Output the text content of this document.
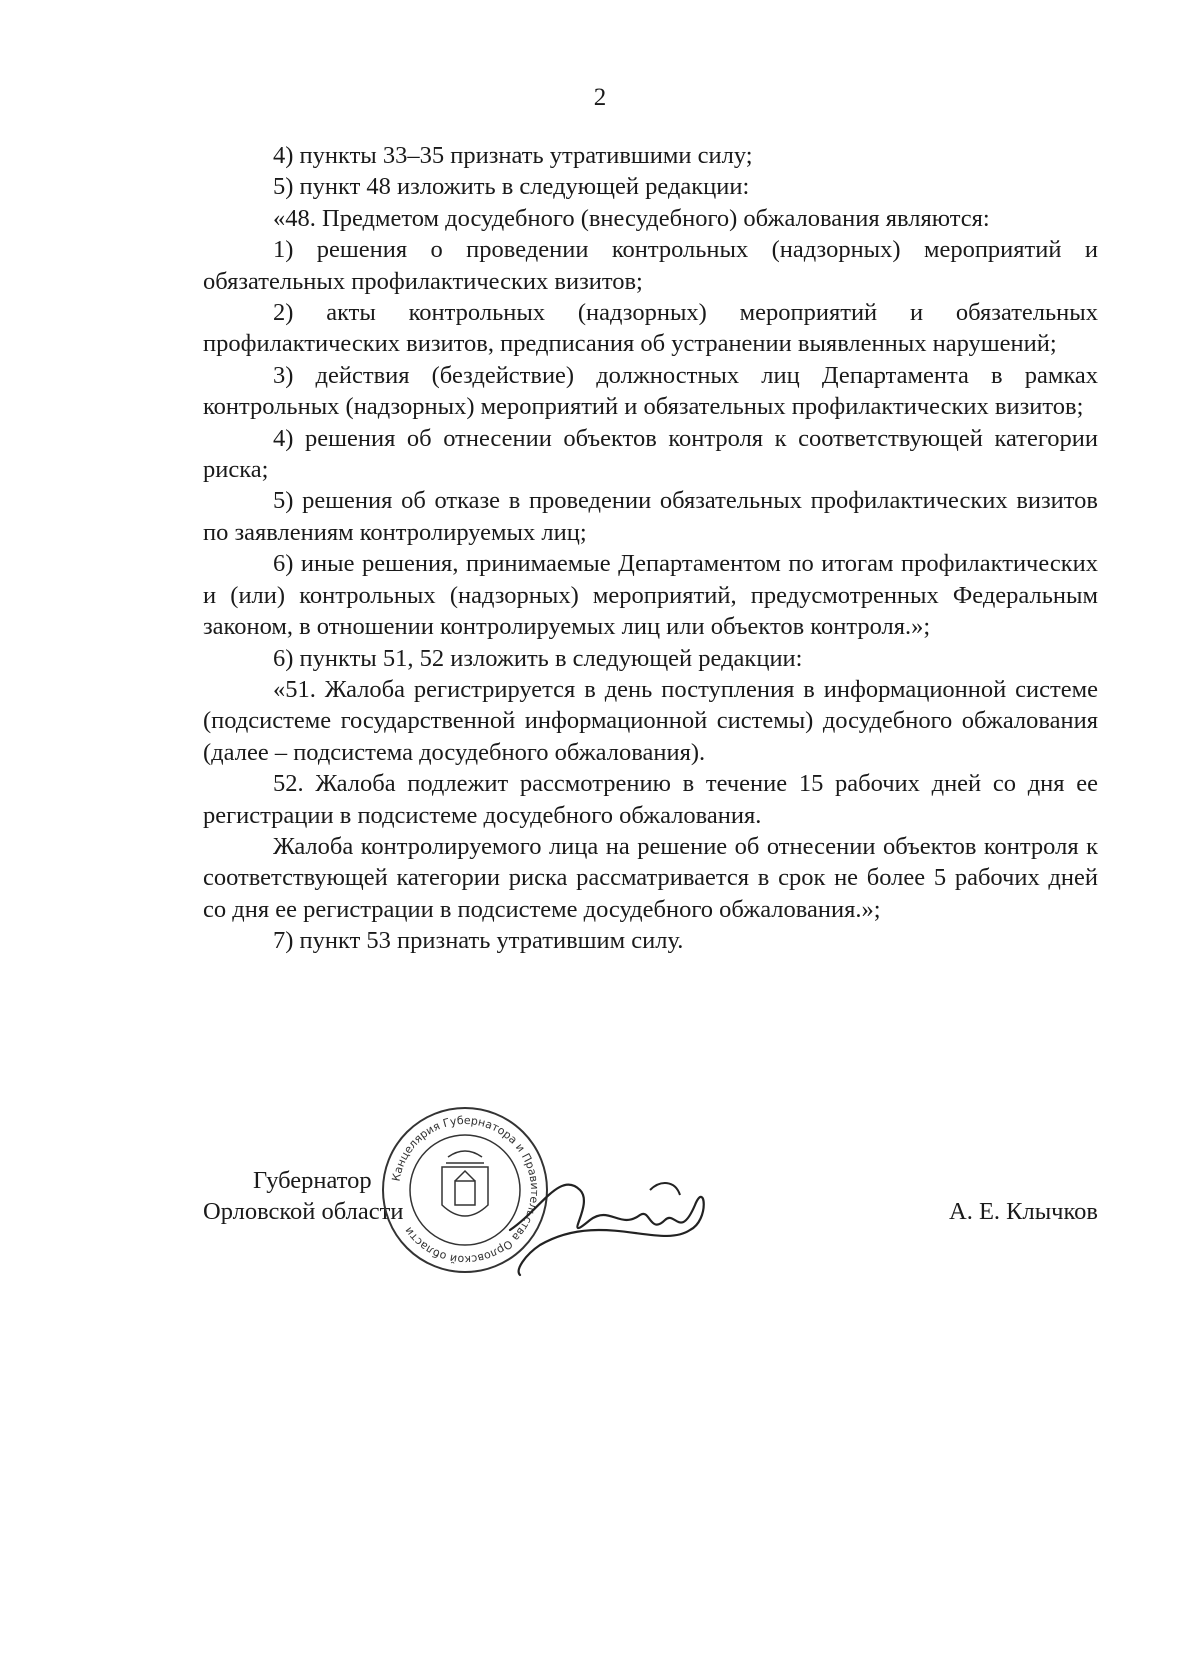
2

4) пункты 33–35 признать утратившими силу;

5) пункт 48 изложить в следующей редакции:

«48. Предметом досудебного (внесудебного) обжалования являются:

1) решения о проведении контрольных (надзорных) мероприятий и обязательных профилактических визитов;

2) акты контрольных (надзорных) мероприятий и обязательных профилактических визитов, предписания об устранении выявленных нарушений;

3) действия (бездействие) должностных лиц Департамента в рамках контрольных (надзорных) мероприятий и обязательных профилактических визитов;

4) решения об отнесении объектов контроля к соответствующей категории риска;

5) решения об отказе в проведении обязательных профилактических визитов по заявлениям контролируемых лиц;

6) иные решения, принимаемые Департаментом по итогам профилактических и (или) контрольных (надзорных) мероприятий, предусмотренных Федеральным законом, в отношении контролируемых лиц или объектов контроля.»;

6) пункты 51, 52 изложить в следующей редакции:

«51. Жалоба регистрируется в день поступления в информационной системе (подсистеме государственной информационной системы) досудебного обжалования (далее – подсистема досудебного обжалования).

52. Жалоба подлежит рассмотрению в течение 15 рабочих дней со дня ее регистрации в подсистеме досудебного обжалования.

Жалоба контролируемого лица на решение об отнесении объектов контроля к соответствующей категории риска рассматривается в срок не более 5 рабочих дней со дня ее регистрации в подсистеме досудебного обжалования.»;

7) пункт 53 признать утратившим силу.

Губернатор
Орловской области	А. Е. Клычков
Канцелярия Губернатора и Правительства Орловской области
